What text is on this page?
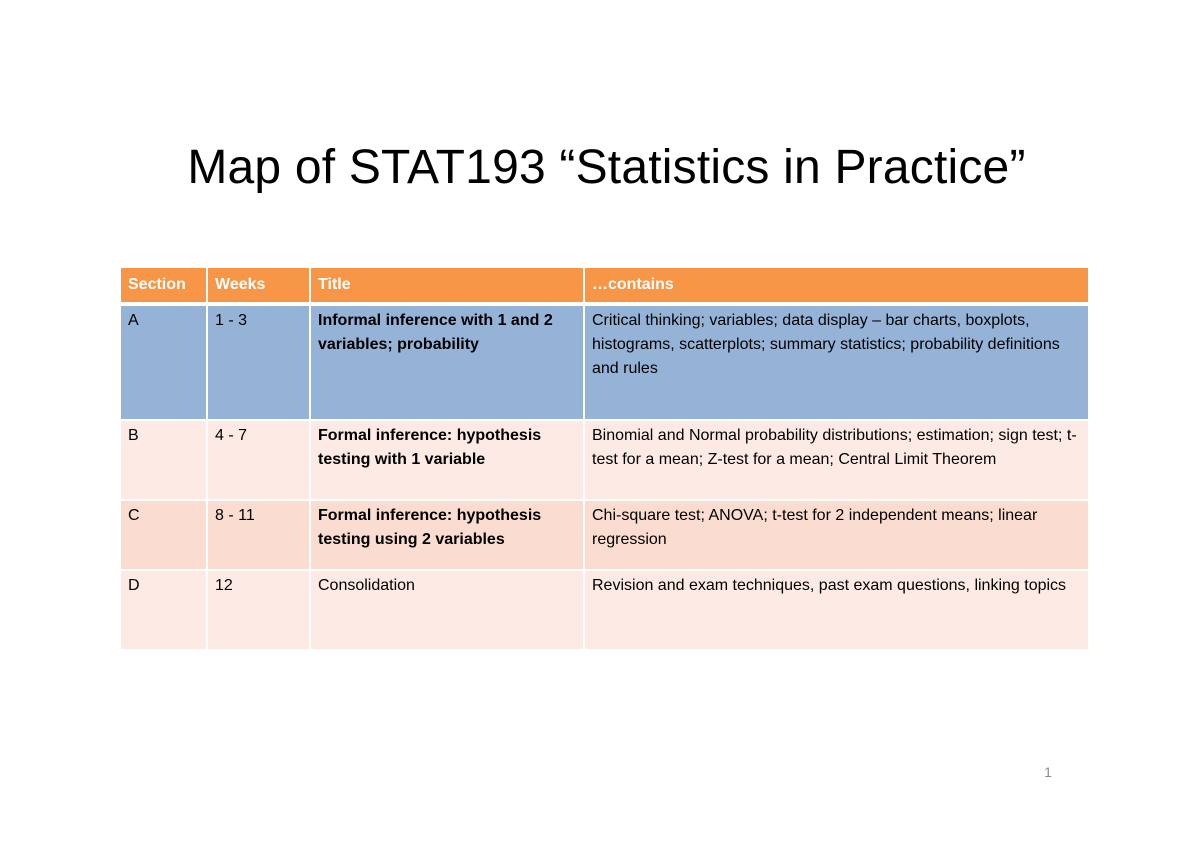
Map of STAT193 “Statistics in Practice”
Section	Weeks	Title	…contains
A	1 - 3	Informal inference with 1 and 2 variables; probability	Critical thinking; variables; data display – bar charts, boxplots, histograms, scatterplots; summary statistics; probability definitions and rules
B	4 - 7	Formal inference: hypothesis testing with 1 variable	Binomial and Normal probability distributions; estimation; sign test; t-test for a mean; Z-test for a mean; Central Limit Theorem
C	8 - 11	Formal inference: hypothesis testing using 2 variables	Chi-square test; ANOVA; t-test for 2 independent means; linear regression
D	12	Consolidation	Revision and exam techniques, past exam questions, linking topics
1
